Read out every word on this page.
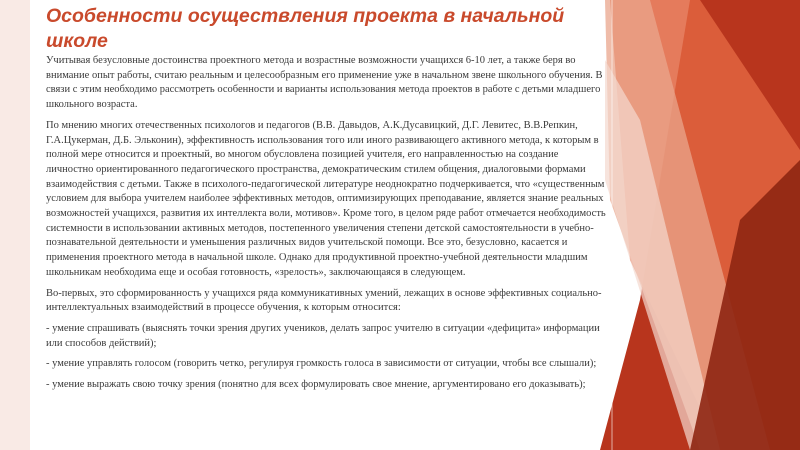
Особенности осуществления проекта в начальной школе

Учитывая безусловные достоинства проектного метода и возрастные возможности учащихся 6-10 лет, а также беря во внимание опыт работы, считаю реальным и целесообразным его применение уже в начальном звене школьного обучения. В связи с этим необходимо рассмотреть особенности и варианты использования метода проектов в работе с детьми младшего школьного возраста.

По мнению многих отечественных психологов и педагогов (В.В. Давыдов, А.К.Дусавицкий, Д.Г. Левитес, В.В.Репкин, Г.А.Цукерман, Д.Б. Эльконин), эффективность использования того или иного развивающего активного метода, к которым в полной мере относится и проектный, во многом обусловлена позицией учителя, его направленностью на создание личностно ориентированного педагогического пространства, демократическим стилем общения, диалоговыми формами взаимодействия с детьми. Также в психолого-педагогической литературе неоднократно подчеркивается, что «существенным условием для выбора учителем наиболее эффективных методов, оптимизирующих преподавание, является знание реальных возможностей учащихся, развития их интеллекта воли, мотивов». Кроме того, в целом ряде работ отмечается необходимость системности в использовании активных методов, постепенного увеличения степени детской самостоятельности в учебно-познавательной деятельности и уменьшения различных видов учительской помощи. Все это, безусловно, касается и применения проектного метода в начальной школе. Однако для продуктивной проектно-учебной деятельности младшим школьникам необходима еще и особая готовность, «зрелость», заключающаяся в следующем.

Во-первых, это сформированность у учащихся ряда коммуникативных умений, лежащих в основе эффективных социально-интеллектуальных взаимодействий в процессе обучения, к которым относится:

- умение спрашивать (выяснять точки зрения других учеников, делать запрос учителю в ситуации «дефицита» информации или способов действий);

- умение управлять голосом (говорить четко, регулируя громкость голоса в зависимости от ситуации, чтобы все слышали);

- умение выражать свою точку зрения (понятно для всех формулировать свое мнение, аргументировано его доказывать);
